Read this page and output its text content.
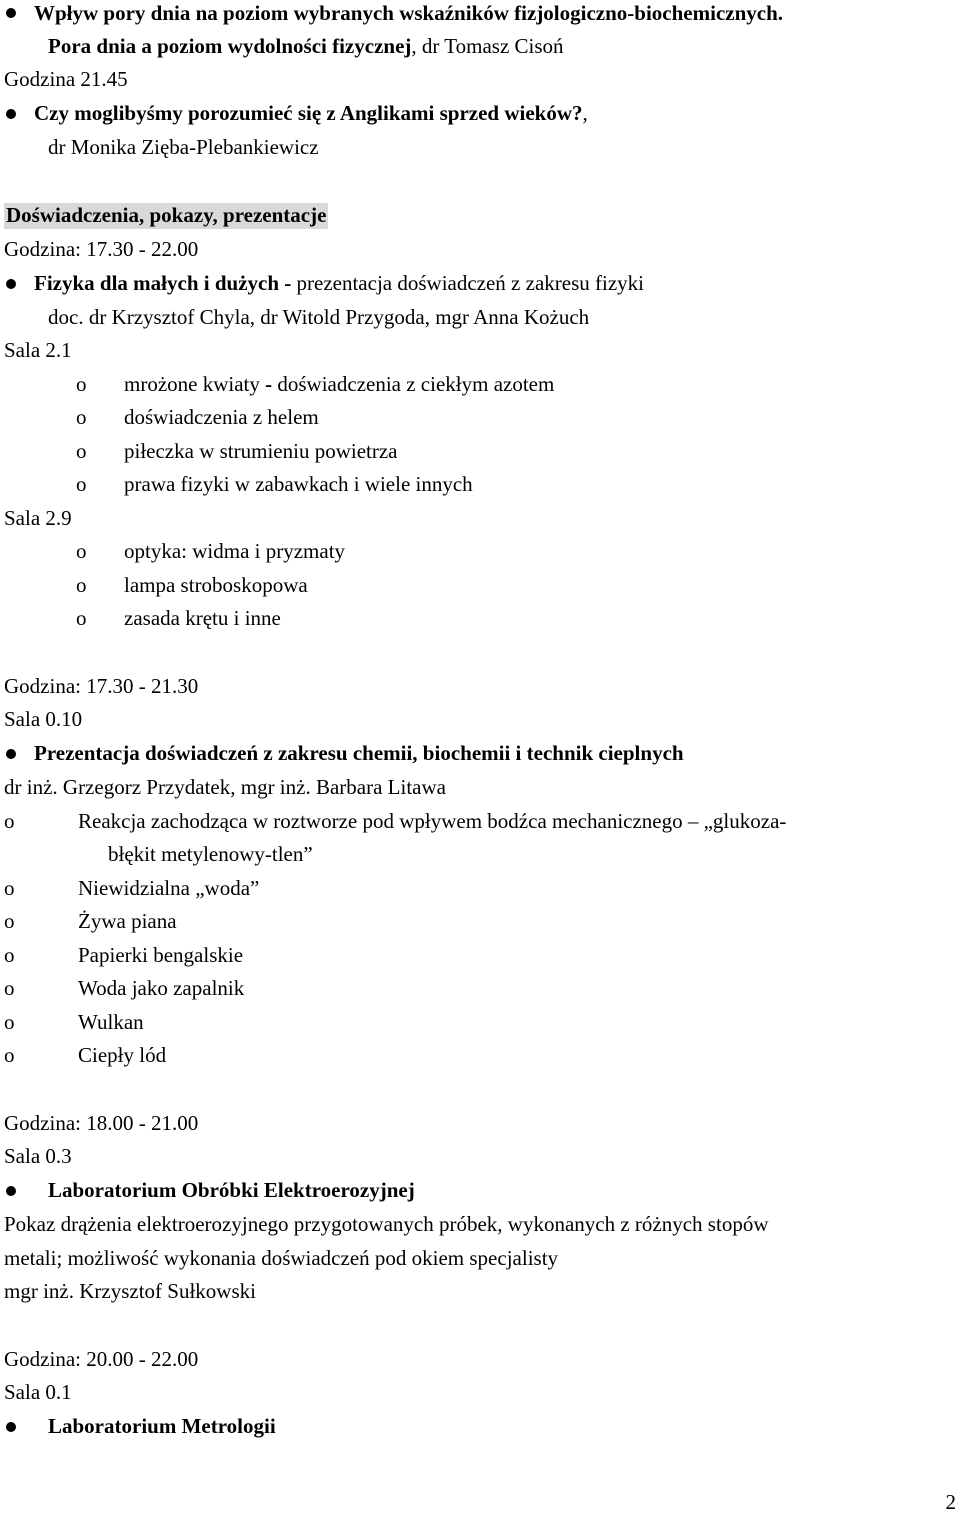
Wpływ pory dnia na poziom wybranych wskaźników fizjologiczno-biochemicznych.
Pora dnia a poziom wydolności fizycznej, dr Tomasz Cisoń
Godzina 21.45
Czy moglibyśmy porozumieć się z Anglikami sprzed wieków?,
dr Monika Zięba-Plebankiewicz
Doświadczenia, pokazy, prezentacje
Godzina: 17.30 - 22.00
Fizyka dla małych i dużych - prezentacja doświadczeń z zakresu fizyki
doc. dr Krzysztof Chyla, dr Witold Przygoda, mgr Anna Kożuch
Sala 2.1
o mrożone kwiaty - doświadczenia z ciekłym azotem
o doświadczenia z helem
o piłeczka w strumieniu powietrza
o prawa fizyki w zabawkach i wiele innych
Sala 2.9
o optyka: widma i pryzmaty
o lampa stroboskopowa
o zasada krętu i inne
Godzina: 17.30 - 21.30
Sala 0.10
Prezentacja doświadczeń z zakresu chemii, biochemii i technik cieplnych
dr inż. Grzegorz Przydatek, mgr inż. Barbara Litawa
o	Reakcja zachodząca w roztworze pod wpływem bodźca mechanicznego – „glukoza-
błękit metylenowy-tlen”
o	Niewidzialna „woda”
o	Żywa piana
o	Papierki bengalskie
o	Woda jako zapalnik
o	Wulkan
o	Ciepły lód
Godzina: 18.00 - 21.00
Sala 0.3
Laboratorium Obróbki Elektroerozyjnej
Pokaz drążenia elektroerozyjnego przygotowanych próbek, wykonanych z różnych stopów
metali; możliwość wykonania doświadczeń pod okiem specjalisty
mgr inż. Krzysztof Sułkowski
Godzina: 20.00 - 22.00
Sala 0.1
Laboratorium Metrologii
2
